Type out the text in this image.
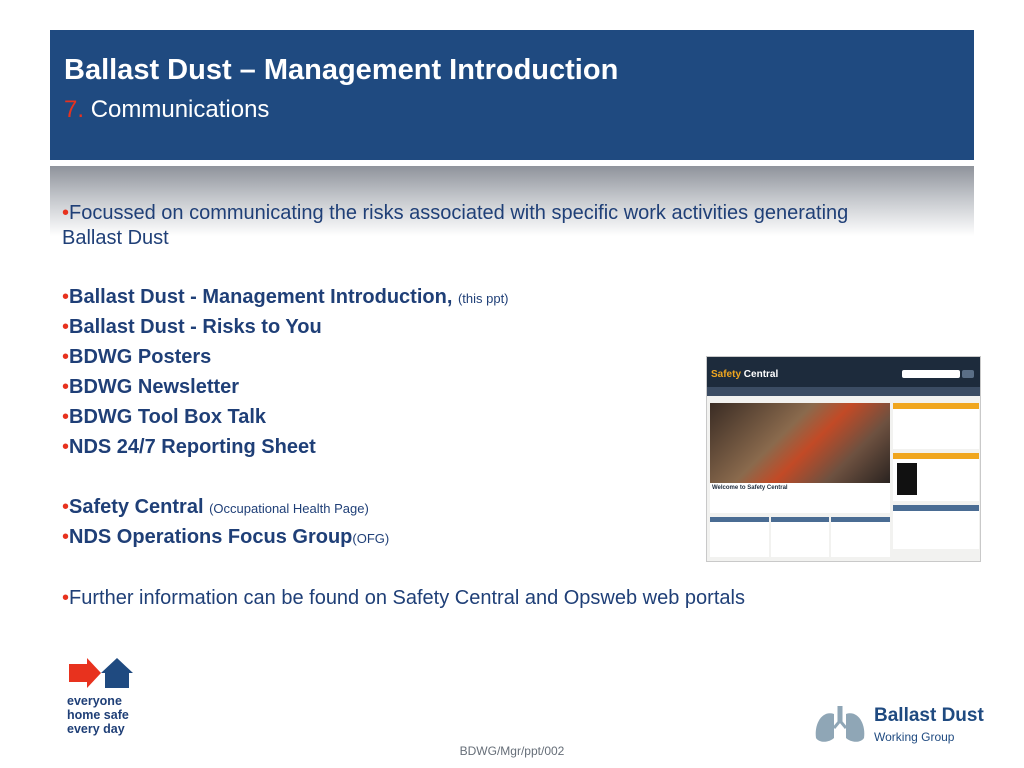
Ballast Dust – Management Introduction
7. Communications
•Focussed on communicating the risks associated with specific work activities generating
Ballast Dust
•Ballast Dust - Management Introduction, (this ppt)
•Ballast Dust - Risks to You
•BDWG Posters
•BDWG Newsletter
•BDWG Tool Box Talk
•NDS 24/7 Reporting Sheet
•Safety Central (Occupational Health Page)
•NDS Operations Focus Group(OFG)
•Further information can be found on Safety Central and Opsweb web portals
Safety Central
Welcome to Safety Central
everyone
home safe
every day
BDWG/Mgr/ppt/002
Ballast Dust
Working Group
